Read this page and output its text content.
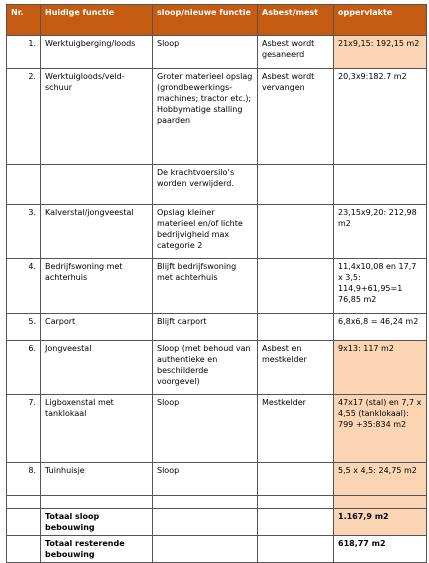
Nr.	Huidige functie	sloop/nieuwe functie	Asbest/mest	oppervlakte
1.	Werktuigberging/loods	Sloop	Asbest wordt gesaneerd	21x9,15: 192,15 m2
2.	Werktuigloods/veld-schuur	Groter materieel opslag (grondbewerkings-machines; tractor etc.); Hobbymatige stalling paarden	Asbest wordt vervangen	20,3x9:182.7 m2
		De krachtvoersilo’s worden verwijderd.		
3.	Kalverstal/jongveestal	Opslag kleiner materieel en/of lichte bedrijvigheid max categorie 2		23,15x9,20: 212,98 m2
4.	Bedrijfswoning met achterhuis	Blijft bedrijfswoning met achterhuis		11,4x10,08 en 17,7 x 3,5: 114,9+61,95=1 76,85 m2
5.	Carport	Blijft carport		6,8x6,8 = 46,24 m2
6.	Jongveestal	Sloop (met behoud van authentieke en beschilderde voorgevel)	Asbest en mestkelder	9x13: 117 m2
7.	Ligboxenstal met tanklokaal	Sloop	Mestkelder	47x17 (stal) en 7,7 x 4,55 (tanklokaal): 799 +35:834 m2
8.	Tuinhuisje	Sloop		5,5 x 4,5: 24,75 m2

	Totaal sloop bebouwing			1.167,9 m2
	Totaal resterende bebouwing			618,77 m2
